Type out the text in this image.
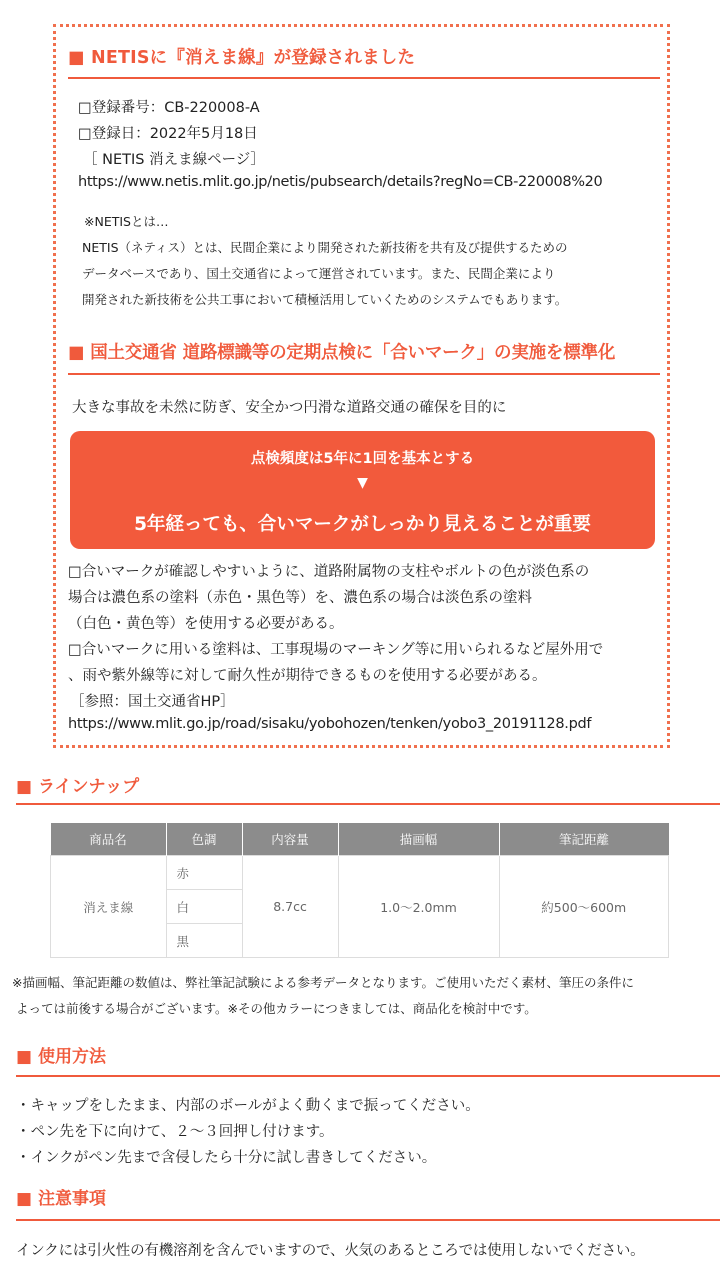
■ NETISに『消えま線』が登録されました
□登録番号：CB-220008-A
□登録日：2022年5月18日
［ NETIS 消えま線ページ］
https://www.netis.mlit.go.jp/netis/pubsearch/details?regNo=CB-220008%20
※NETISとは…
NETIS（ネティス）とは、民間企業により開発された新技術を共有及び提供するための
データベースであり、国土交通省によって運営されています。また、民間企業により
開発された新技術を公共工事において積極活用していくためのシステムでもあります。
■ 国土交通省 道路標識等の定期点検に「合いマーク」の実施を標準化
大きな事故を未然に防ぎ、安全かつ円滑な道路交通の確保を目的に
点検頻度は5年に1回を基本とする
▼
5年経っても、合いマークがしっかり見えることが重要
□合いマークが確認しやすいように、道路附属物の支柱やボルトの色が淡色系の
場合は濃色系の塗料（赤色・黒色等）を、濃色系の場合は淡色系の塗料
（白色・黄色等）を使用する必要がある。
□合いマークに用いる塗料は、工事現場のマーキング等に用いられるなど屋外用で
、雨や紫外線等に対して耐久性が期待できるものを使用する必要がある。
［参照：国土交通省HP］
https://www.mlit.go.jp/road/sisaku/yobohozen/tenken/yobo3_20191128.pdf
■ ラインナップ
商品名	色調	内容量	描画幅	筆記距離
消えま線	赤	8.7cc	1.0〜2.0mm	約500〜600m
	白			
	黒			
※描画幅、筆記距離の数値は、弊社筆記試験による参考データとなります。ご使用いただく素材、筆圧の条件に
よっては前後する場合がございます。※その他カラーにつきましては、商品化を検討中です。
■ 使用方法
・キャップをしたまま、内部のボールがよく動くまで振ってください。
・ペン先を下に向けて、２〜３回押し付けます。
・インクがペン先まで含侵したら十分に試し書きしてください。
■ 注意事項
インクには引火性の有機溶剤を含んでいますので、火気のあるところでは使用しないでください。
